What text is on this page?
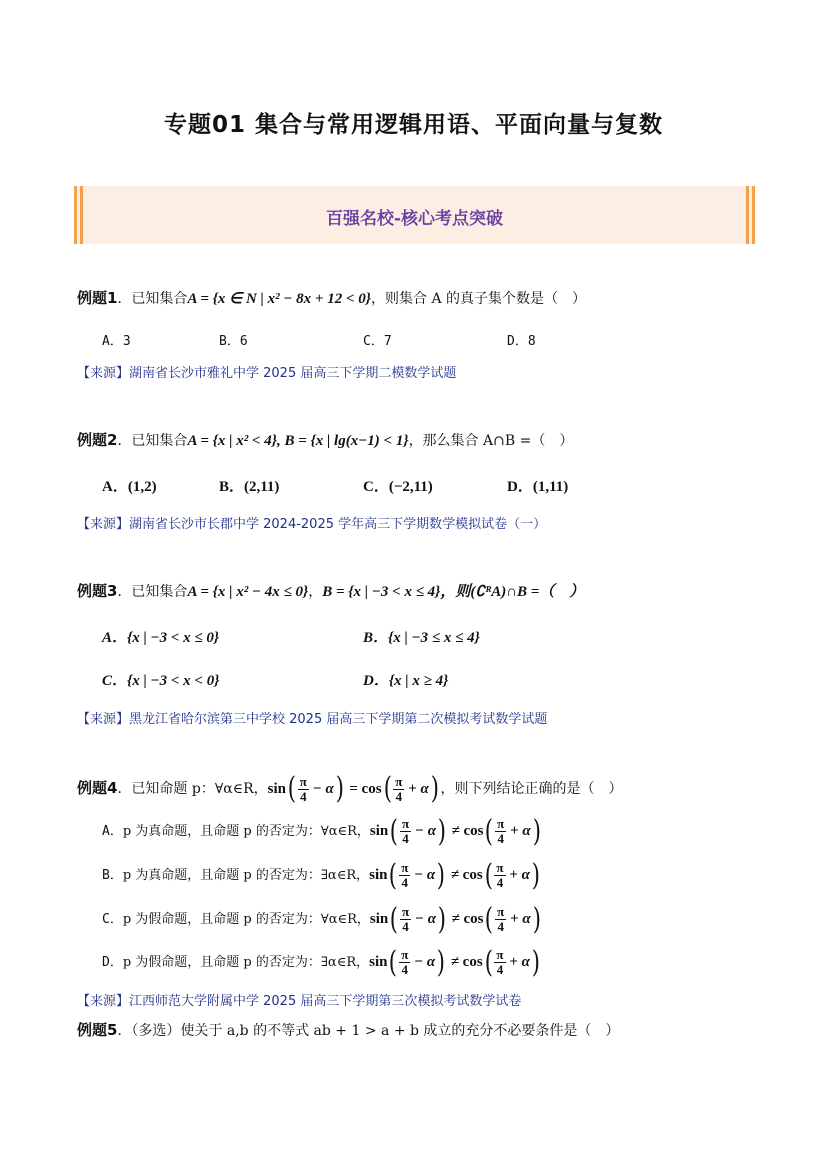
专题01 集合与常用逻辑用语、平面向量与复数
百强名校-核心考点突破
例题1．已知集合A = {x ∈ N | x² − 8x + 12 < 0}，则集合 A 的真子集个数是（　）
A．3	B．6	C．7	D．8
【来源】湖南省长沙市雅礼中学 2025 届高三下学期二模数学试题
例题2．已知集合A = {x | x² < 4}, B = {x | lg(x−1) < 1}，那么集合 A∩B =（　）
A．(1,2)	B．(2,11)	C．(−2,11)	D．(1,11)
【来源】湖南省长沙市长郡中学 2024-2025 学年高三下学期数学模拟试卷（一）
例题3．已知集合A = {x | x² − 4x ≤ 0}，B = {x | −3 < x ≤ 4}，则(∁ᴿA)∩B =（　）
A．{x | −3 < x ≤ 0}	B．{x | −3 ≤ x ≤ 4}
C．{x | −3 < x < 0}	D．{x | x ≥ 4}
【来源】黑龙江省哈尔滨第三中学校 2025 届高三下学期第二次模拟考试数学试题
例题4．已知命题 p：∀α∈R，$\sin( \frac{\pi}{4} - \alpha) = \cos( \frac{\pi}{4} + \alpha)$ ，则下列结论正确的是（　）
A．p 为真命题，且命题 p 的否定为：∀α∈R，$\sin( \frac{\pi}{4} - \alpha) \ne \cos( \frac{\pi}{4} + \alpha)$
B．p 为真命题，且命题 p 的否定为：∃α∈R，$\sin( \frac{\pi}{4} - \alpha) \ne \cos( \frac{\pi}{4} + \alpha)$
C．p 为假命题，且命题 p 的否定为：∀α∈R，$\sin( \frac{\pi}{4} - \alpha) \ne \cos( \frac{\pi}{4} + \alpha)$
D．p 为假命题，且命题 p 的否定为：∃α∈R，$\sin( \frac{\pi}{4} - \alpha) \ne \cos( \frac{\pi}{4} + \alpha)$
【来源】江西师范大学附属中学 2025 届高三下学期第三次模拟考试数学试卷
例题5．（多选）使关于 a,b 的不等式 ab + 1 > a + b 成立的充分不必要条件是（　）
